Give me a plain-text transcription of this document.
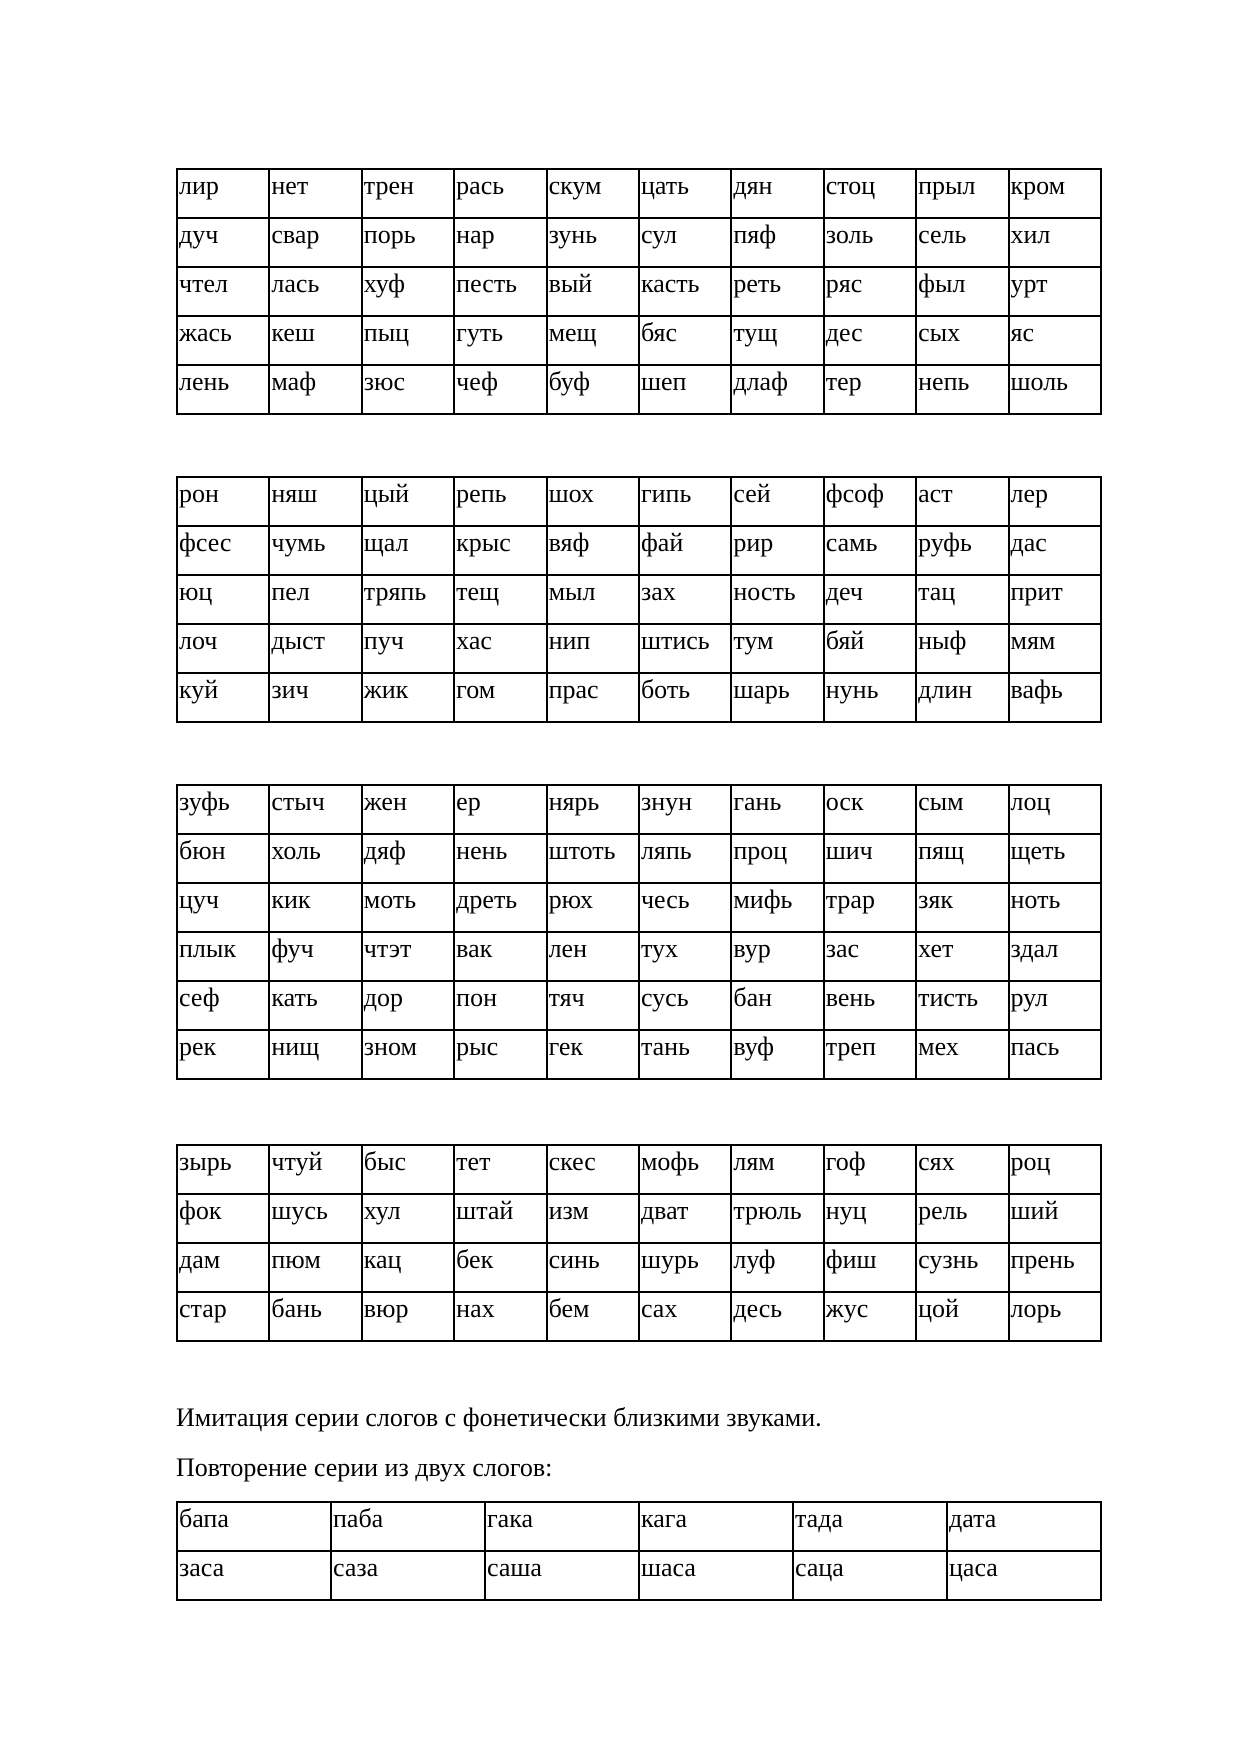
лир	нет	трен	рась	скум	цать	дян	стоц	прыл	кром
дуч	свар	порь	нар	зунь	сул	пяф	золь	сель	хил
чтел	лась	хуф	песть	вый	касть	реть	ряс	фыл	урт
жась	кеш	пыц	гуть	мещ	бяс	тущ	дес	сых	яс
лень	маф	зюс	чеф	буф	шеп	длаф	тер	непь	шоль
рон	няш	цый	репь	шох	гипь	сей	фсоф	аст	лер
фсес	чумь	щал	крыс	вяф	фай	рир	самь	руфь	дас
юц	пел	тряпь	тещ	мыл	зах	ность	деч	тац	прит
лоч	дыст	пуч	хас	нип	штись	тум	бяй	ныф	мям
куй	зич	жик	гом	прас	боть	шарь	нунь	длин	вафь
зуфь	стыч	жен	ер	нярь	знун	гань	оск	сым	лоц
бюн	холь	дяф	нень	штоть	ляпь	проц	шич	пящ	щеть
цуч	кик	моть	дреть	рюх	чесь	мифь	трар	зяк	ноть
плык	фуч	чтэт	вак	лен	тух	вур	зас	хет	здал
сеф	кать	дор	пон	тяч	сусь	бан	вень	тисть	рул
рек	нищ	зном	рыс	гек	тань	вуф	треп	мех	пась
зырь	чтуй	быс	тет	скес	мофь	лям	гоф	сях	роц
фок	шусь	хул	штай	изм	дват	трюль	нуц	рель	ший
дам	пюм	кац	бек	синь	шурь	луф	фиш	сузнь	прень
стар	бань	вюр	нах	бем	сах	десь	жус	цой	лорь
Имитация серии слогов с фонетически близкими звуками.
Повторение серии из двух слогов:
бапа	паба	гака	кага	тада	дата
заса	саза	саша	шаса	саца	цаса
